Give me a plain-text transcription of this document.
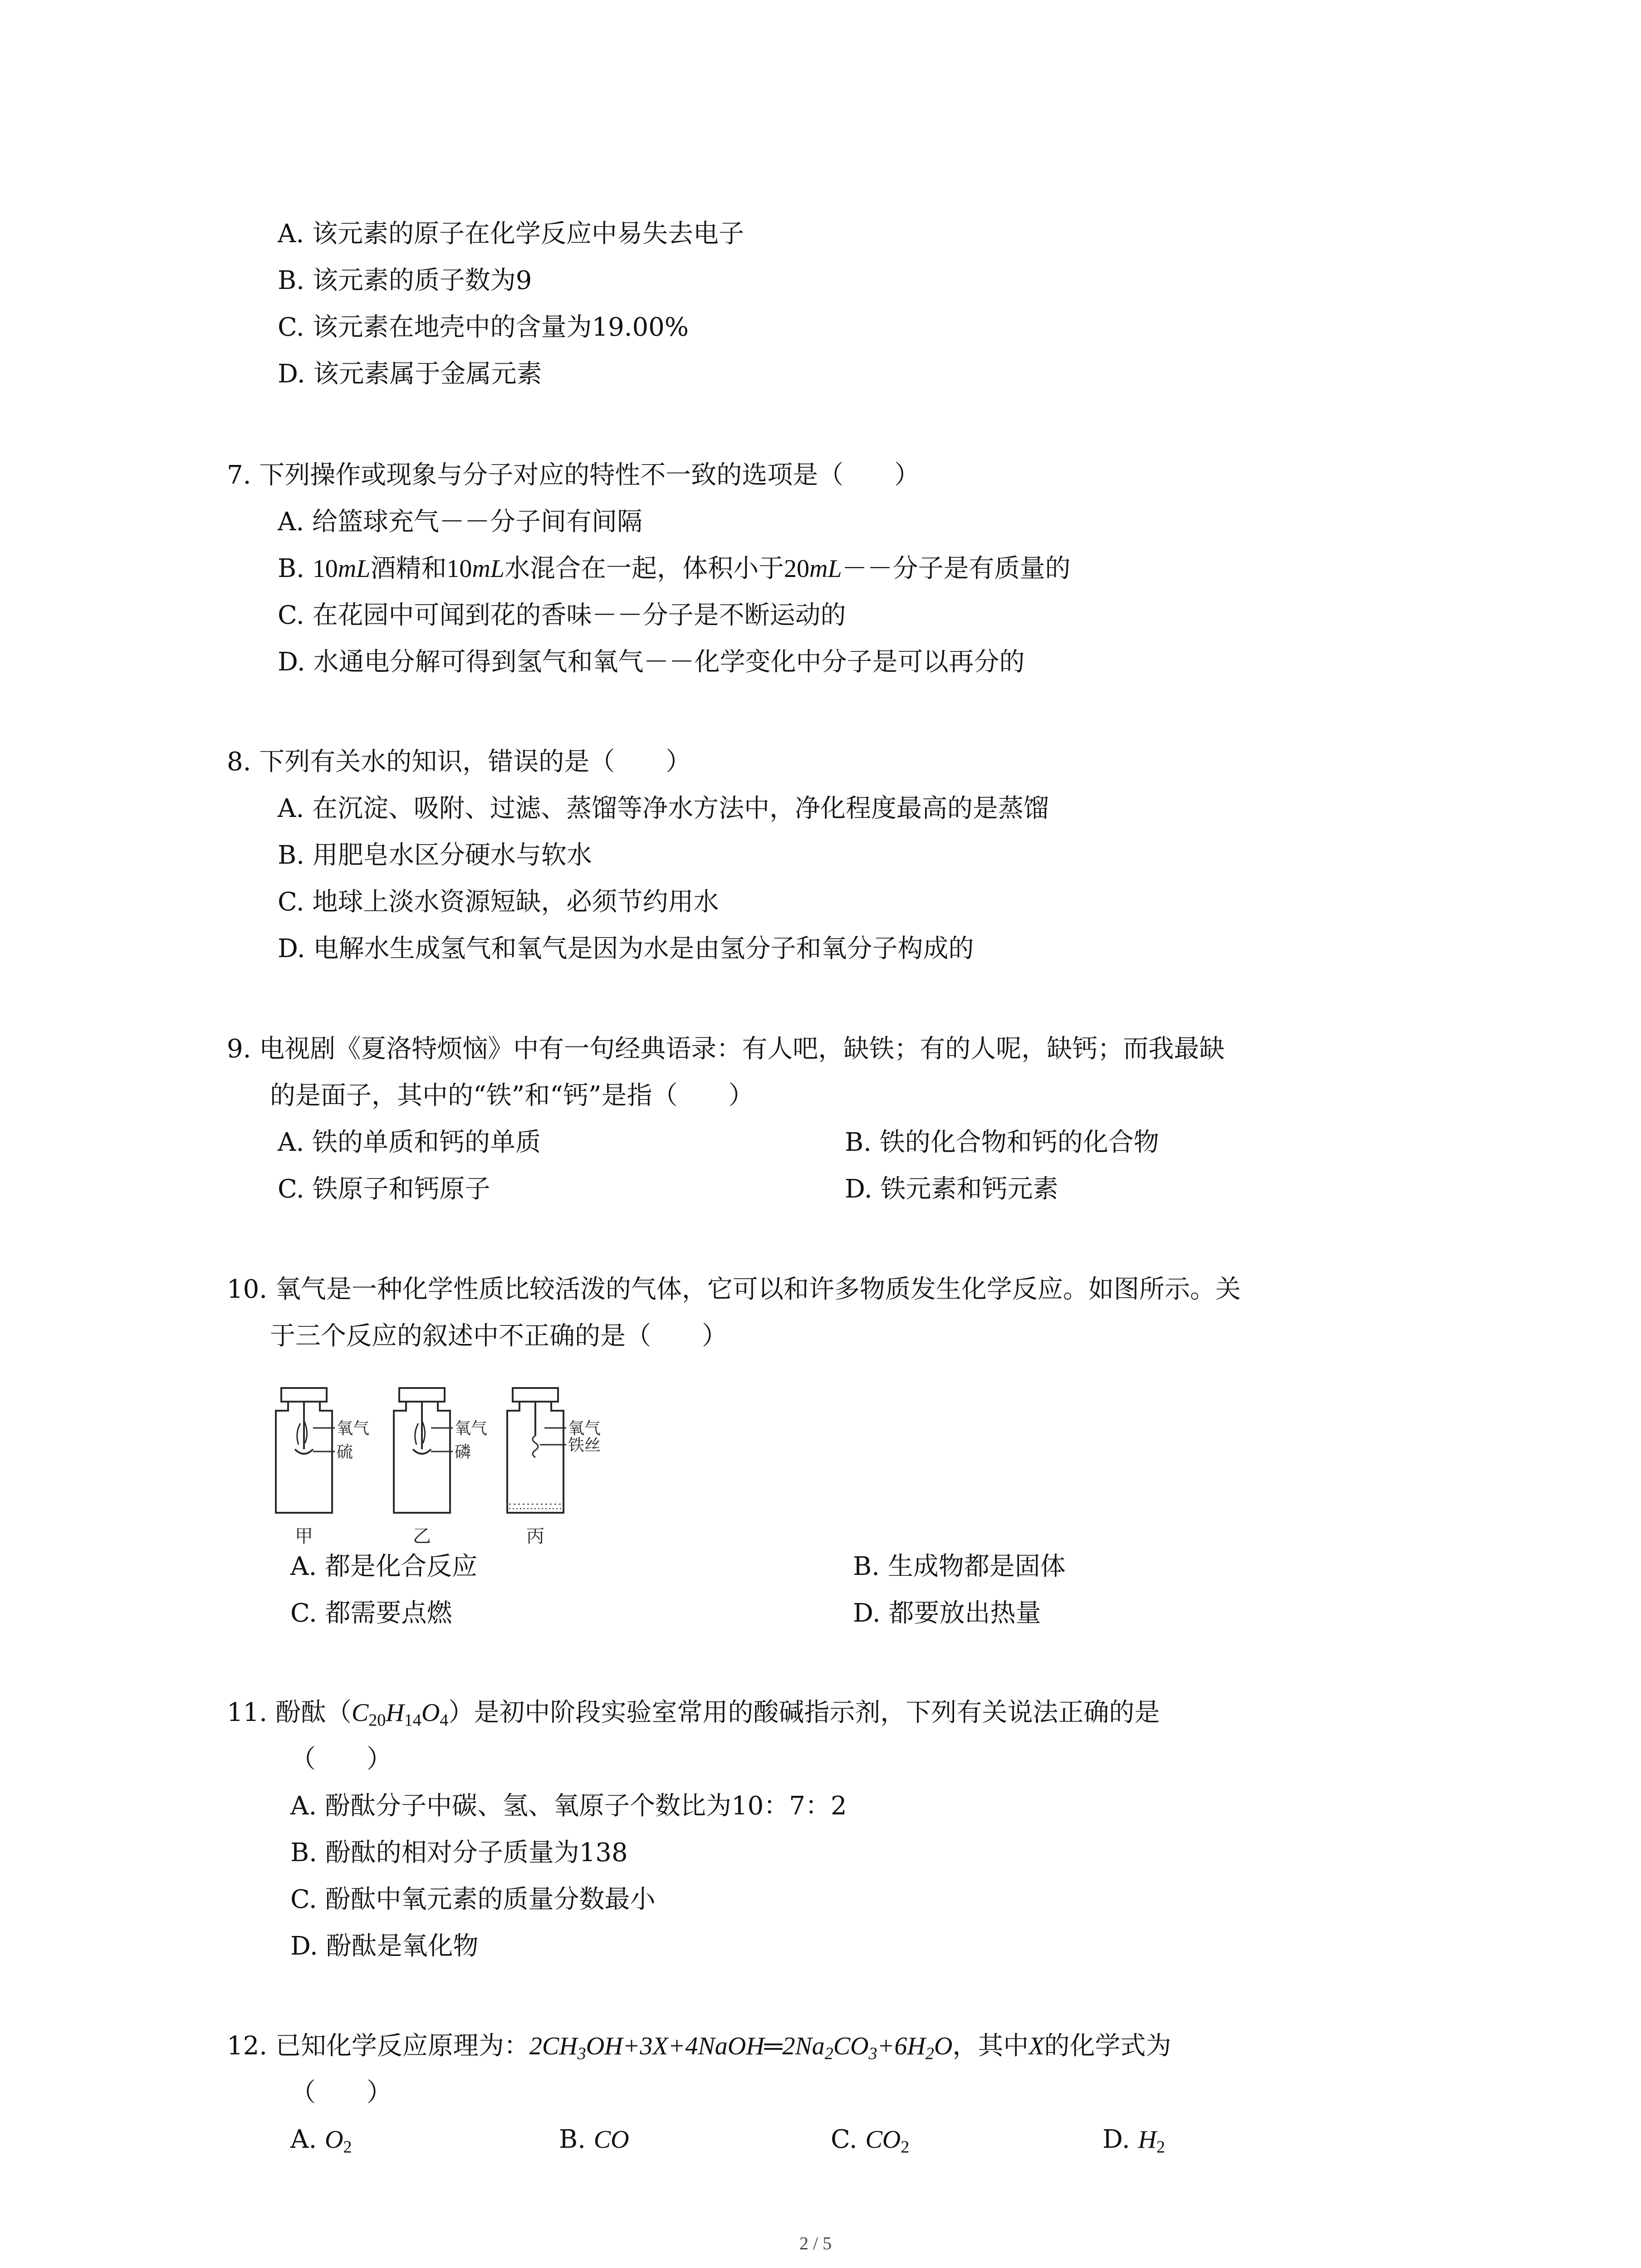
A. 该元素的原子在化学反应中易失去电子
B. 该元素的质子数为9
C. 该元素在地壳中的含量为19.00%
D. 该元素属于金属元素
7. 下列操作或现象与分子对应的特性不一致的选项是（　　）
A. 给篮球充气－－分子间有间隔
B. 10mL酒精和10mL水混合在一起，体积小于20mL－－分子是有质量的
C. 在花园中可闻到花的香味－－分子是不断运动的
D. 水通电分解可得到氢气和氧气－－化学变化中分子是可以再分的
8. 下列有关水的知识，错误的是（　　）
A. 在沉淀、吸附、过滤、蒸馏等净水方法中，净化程度最高的是蒸馏
B. 用肥皂水区分硬水与软水
C. 地球上淡水资源短缺，必须节约用水
D. 电解水生成氢气和氧气是因为水是由氢分子和氧分子构成的
9. 电视剧《夏洛特烦恼》中有一句经典语录：有人吧，缺铁；有的人呢，缺钙；而我最缺
的是面子，其中的“铁”和“钙”是指（　　）
A. 铁的单质和钙的单质	B. 铁的化合物和钙的化合物
C. 铁原子和钙原子	D. 铁元素和钙元素
10. 氧气是一种化学性质比较活泼的气体，它可以和许多物质发生化学反应。如图所示。关
于三个反应的叙述中不正确的是（　　）
氧气
硫
氧气
磷
氧气
铁丝
甲	乙	丙
A. 都是化合反应	B. 生成物都是固体
C. 都需要点燃	D. 都要放出热量
11. 酚酞$(C_{20}H_{14}O_4)$是初中阶段实验室常用的酸碱指示剂，下列有关说法正确的是
（　　）
A. 酚酞分子中碳、氢、氧原子个数比为10：7：2
B. 酚酞的相对分子质量为138
C. 酚酞中氧元素的质量分数最小
D. 酚酞是氧化物
12. 已知化学反应原理为：$2CH_3OH+3X+4NaOH═2Na_2CO_3+6H_2O$，其中X的化学式为
（　　）
A. $O_2$	B. CO	C. $CO_2$	D. $H_2$
2 / 5
